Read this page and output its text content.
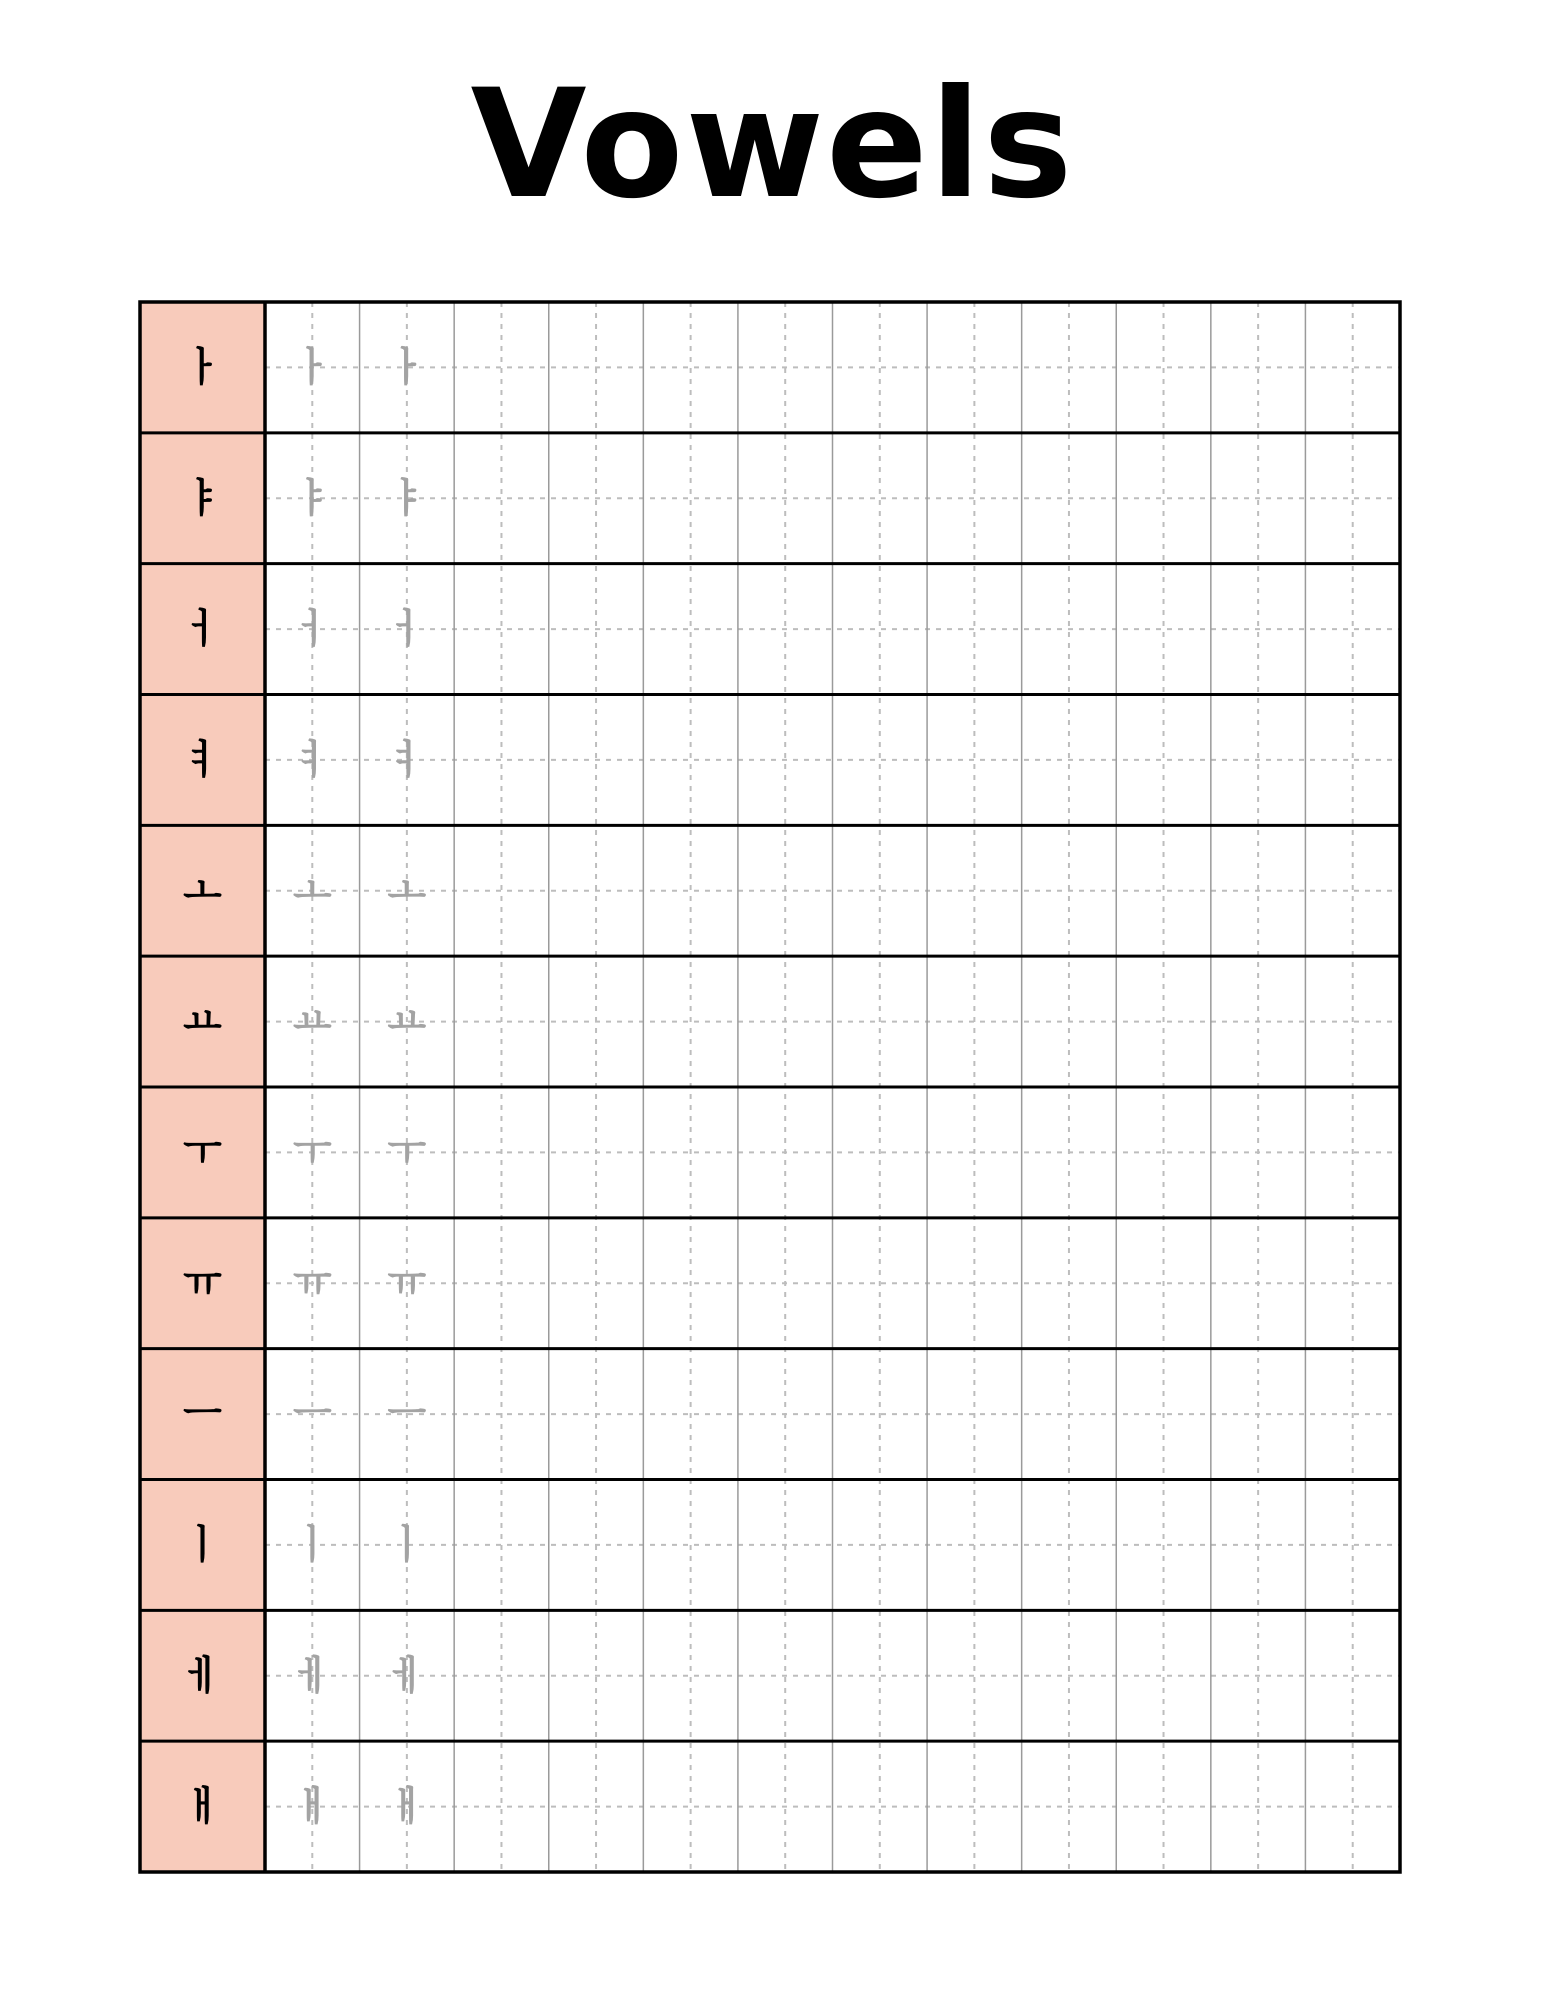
Vowels
ㅏ ㅏ ㅏ
ㅑ ㅑ ㅑ
ㅓ ㅓ ㅓ
ㅕ ㅕ ㅕ
ㅗ ㅗ ㅗ
ㅛ ㅛ ㅛ
ㅜ ㅜ ㅜ
ㅠ ㅠ ㅠ
ㅡ ㅡ ㅡ
ㅣ ㅣ ㅣ
ㅔ ㅔ ㅔ
ㅐ ㅐ ㅐ
